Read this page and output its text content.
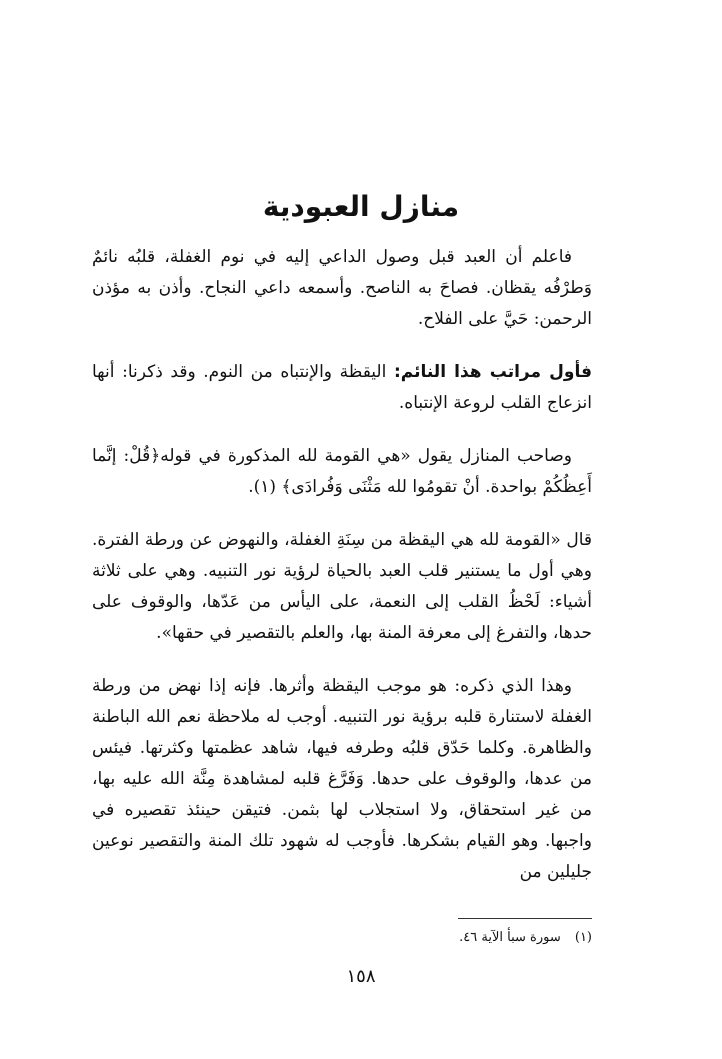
منازل العبودية

فاعلم أن العبد قبل وصول الداعي إليه في نوم الغفلة، قلبُه نائمٌ وَطرْفُه يقظان. فصاحَ به الناصح. وأسمعه داعي النجاح. وأذن به مؤذن الرحمن: حَيَّ على الفلاح.

فأول مراتب هذا النائم: اليقظة والإنتباه من النوم. وقد ذكرنا: أنها انزعاج القلب لروعة الإنتباه.

وصاحب المنازل يقول «هي القومة لله المذكورة في قوله﴿قُلْ: إنَّما أَعِظُكُمْ بواحدة. أنْ تقومُوا لله مَثْنَى وَفُرادَى﴾ (١).

قال «القومة لله هي اليقظة من سِنَةِ الغفلة، والنهوض عن ورطة الفترة. وهي أول ما يستنير قلب العبد بالحياة لرؤية نور التنبيه. وهي على ثلاثة أشياء: لَحْظُ القلب إلى النعمة، على اليأس من عَدّها، والوقوف على حدها، والتفرغ إلى معرفة المنة بها، والعلم بالتقصير في حقها».

وهذا الذي ذكره: هو موجب اليقظة وأثرها. فإنه إذا نهض من ورطة الغفلة لاستنارة قلبه برؤية نور التنبيه. أوجب له ملاحظة نعم الله الباطنة والظاهرة. وكلما حَدّق قلبُه وطرفه فيها، شاهد عظمتها وكثرتها. فيئس من عدها، والوقوف على حدها. وَفَرَّغ قلبه لمشاهدة مِنَّة الله عليه بها، من غير استحقاق، ولا استجلاب لها بثمن. فتيقن حينئذ تقصيره في واجبها. وهو القيام بشكرها. فأوجب له شهود تلك المنة والتقصير نوعين جليلين من

(١) سورة سبأ الآية ٤٦.
١٥٨
